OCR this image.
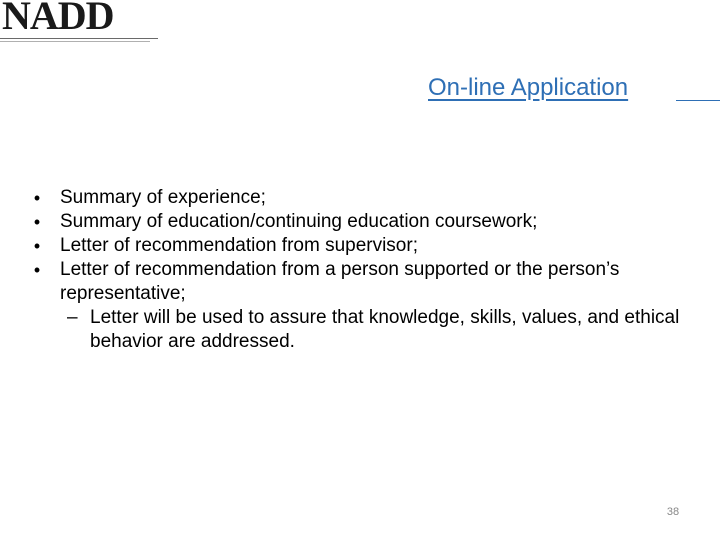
NADD
On-line Application
• Summary of experience;
• Summary of education/continuing education coursework;
• Letter of recommendation from supervisor;
• Letter of recommendation from a person supported or the person’s representative;
– Letter will be used to assure that knowledge, skills, values, and ethical behavior are addressed.
38
